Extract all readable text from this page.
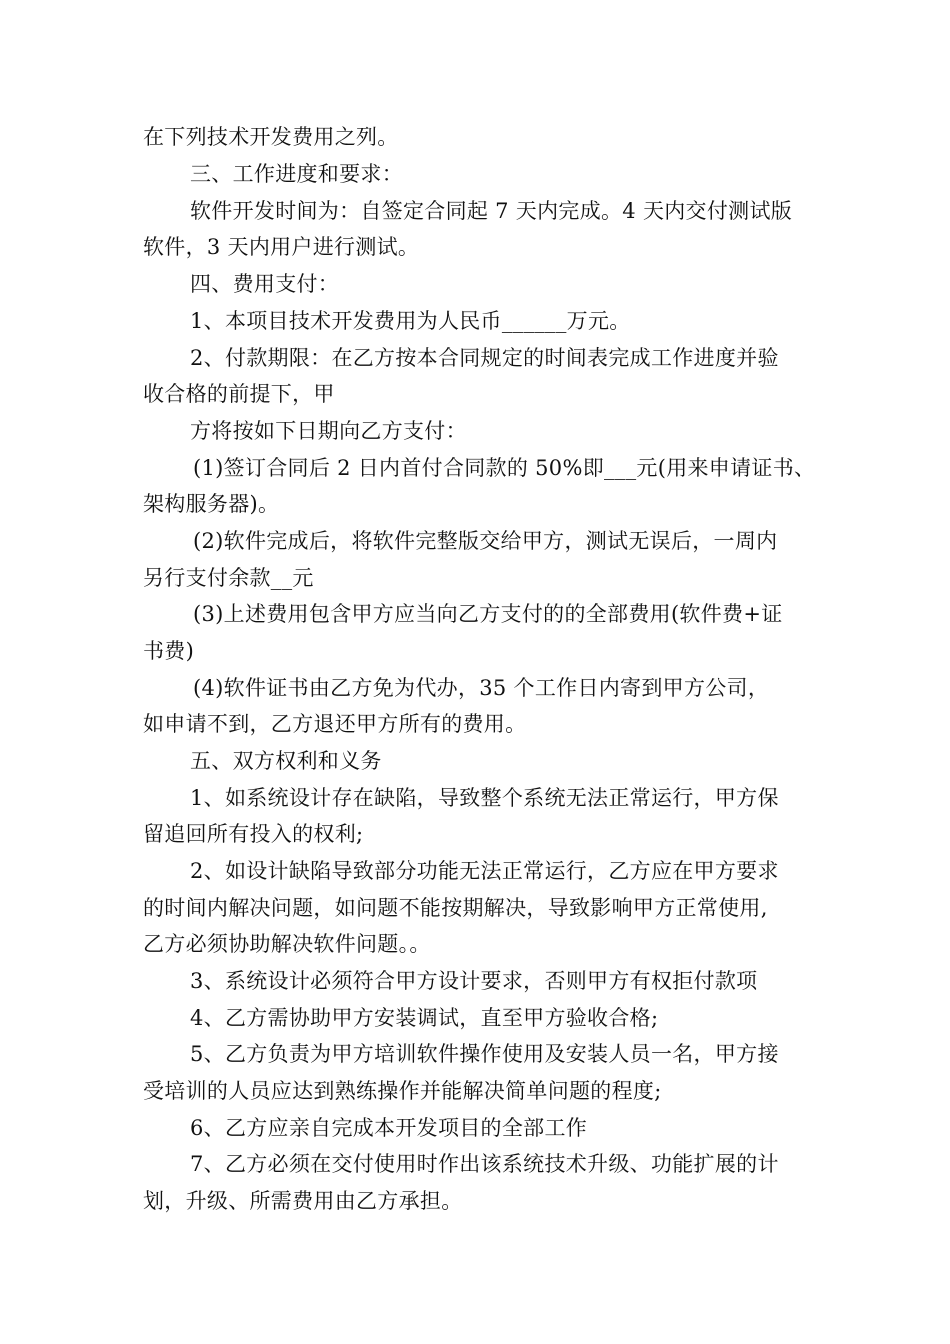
在下列技术开发费用之列。
三、工作进度和要求：
软件开发时间为：自签定合同起 7 天内完成。4 天内交付测试版
软件，3 天内用户进行测试。
四、费用支付：
1、本项目技术开发费用为人民币______万元。
2、付款期限：在乙方按本合同规定的时间表完成工作进度并验
收合格的前提下，甲
方将按如下日期向乙方支付：
(1)签订合同后 2 日内首付合同款的 50%即___元(用来申请证书、
架构服务器)。
(2)软件完成后，将软件完整版交给甲方，测试无误后，一周内
另行支付余款__元
(3)上述费用包含甲方应当向乙方支付的的全部费用(软件费+证
书费)
(4)软件证书由乙方免为代办，35 个工作日内寄到甲方公司，
如申请不到，乙方退还甲方所有的费用。
五、双方权利和义务
1、如系统设计存在缺陷，导致整个系统无法正常运行，甲方保
留追回所有投入的权利;
2、如设计缺陷导致部分功能无法正常运行，乙方应在甲方要求
的时间内解决问题，如问题不能按期解决，导致影响甲方正常使用,
乙方必须协助解决软件问题。。
3、系统设计必须符合甲方设计要求，否则甲方有权拒付款项
4、乙方需协助甲方安装调试，直至甲方验收合格;
5、乙方负责为甲方培训软件操作使用及安装人员一名，甲方接
受培训的人员应达到熟练操作并能解决简单问题的程度;
6、乙方应亲自完成本开发项目的全部工作
7、乙方必须在交付使用时作出该系统技术升级、功能扩展的计
划，升级、所需费用由乙方承担。
